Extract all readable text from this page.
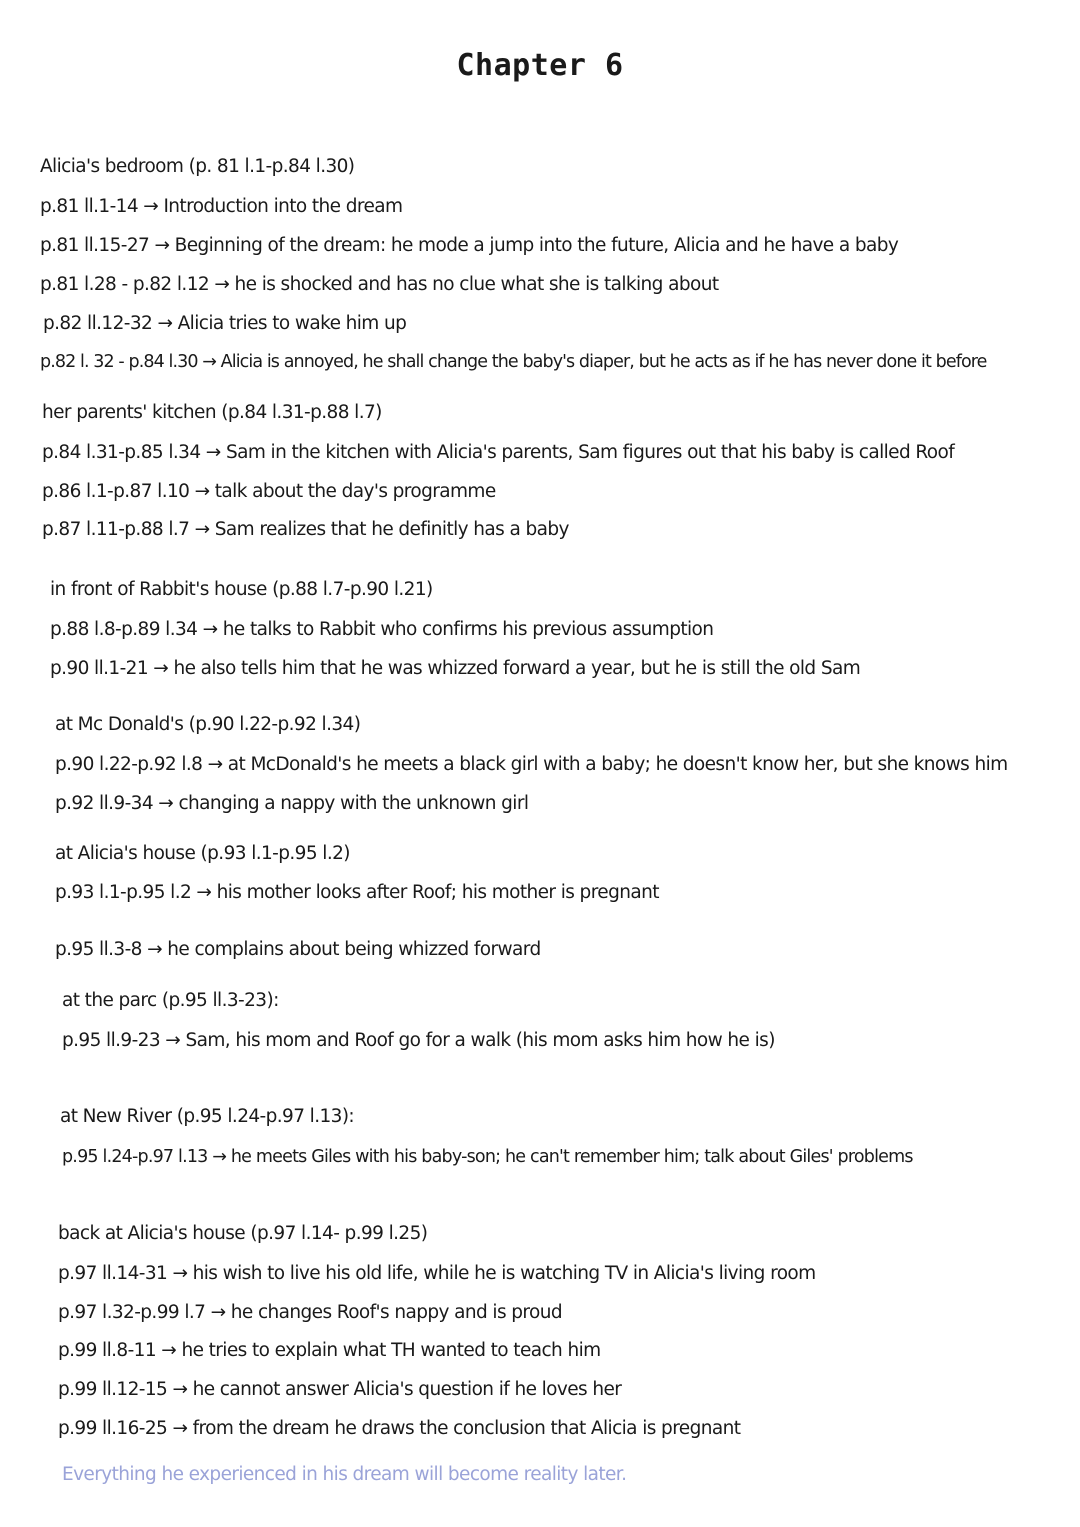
Chapter 6
Alicia's bedroom (p. 81 l.1-p.84 l.30)
p.81 ll.1-14 → Introduction into the dream
p.81 ll.15-27 → Beginning of the dream: he mode a jump into the future, Alicia and he have a baby
p.81 l.28 - p.82 l.12 → he is shocked and has no clue what she is talking about
p.82 ll.12-32 → Alicia tries to wake him up
p.82 l. 32 - p.84 l.30 → Alicia is annoyed, he shall change the baby's diaper, but he acts as if he has never done it before
her parents' kitchen (p.84 l.31-p.88 l.7)
p.84 l.31-p.85 l.34 → Sam in the kitchen with Alicia's parents, Sam figures out that his baby is called Roof
p.86 l.1-p.87 l.10 → talk about the day's programme
p.87 l.11-p.88 l.7 → Sam realizes that he definitly has a baby
in front of Rabbit's house (p.88 l.7-p.90 l.21)
p.88 l.8-p.89 l.34 → he talks to Rabbit who confirms his previous assumption
p.90 ll.1-21 → he also tells him that he was whizzed forward a year, but he is still the old Sam
at Mc Donald's (p.90 l.22-p.92 l.34)
p.90 l.22-p.92 l.8 → at McDonald's he meets a black girl with a baby; he doesn't know her, but she knows him
p.92 ll.9-34 → changing a nappy with the unknown girl
at Alicia's house (p.93 l.1-p.95 l.2)
p.93 l.1-p.95 l.2 → his mother looks after Roof; his mother is pregnant
p.95 ll.3-8 → he complains about being whizzed forward
at the parc (p.95 ll.3-23):
p.95 ll.9-23 → Sam, his mom and Roof go for a walk (his mom asks him how he is)
at New River (p.95 l.24-p.97 l.13):
p.95 l.24-p.97 l.13 → he meets Giles with his baby-son; he can't remember him; talk about Giles' problems
back at Alicia's house (p.97 l.14- p.99 l.25)
p.97 ll.14-31 → his wish to live his old life, while he is watching TV in Alicia's living room
p.97 l.32-p.99 l.7 → he changes Roof's nappy and is proud
p.99 ll.8-11 → he tries to explain what TH wanted to teach him
p.99 ll.12-15 → he cannot answer Alicia's question if he loves her
p.99 ll.16-25 → from the dream he draws the conclusion that Alicia is pregnant
Everything he experienced in his dream will become reality later.
